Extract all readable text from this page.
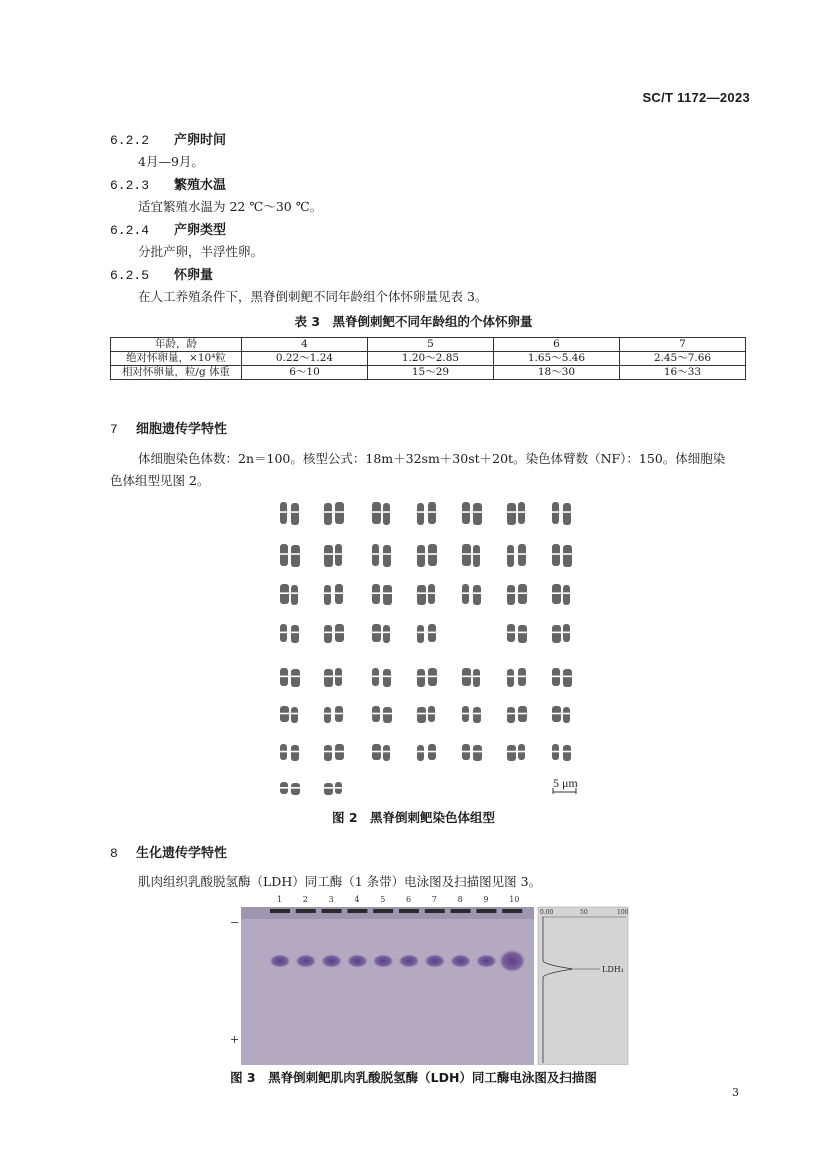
SC/T 1172—2023
6.2.2 产卵时间
4月—9月。
6.2.3 繁殖水温
适宜繁殖水温为 22 ℃～30 ℃。
6.2.4 产卵类型
分批产卵，半浮性卵。
6.2.5 怀卵量
在人工养殖条件下，黑脊倒刺鲃不同年龄组个体怀卵量见表 3。
表 3　黑脊倒刺鲃不同年龄组的个体怀卵量
年龄，龄	4	5	6	7
绝对怀卵量，×10⁴粒	0.22～1.24	1.20～2.85	1.65～5.46	2.45～7.66
相对怀卵量，粒/g 体重	6～10	15～29	18～30	16～33
7 细胞遗传学特性
体细胞染色体数：2n＝100。核型公式：18m＋32sm＋30st＋20t。染色体臂数（NF）：150。体细胞染
色体组型见图 2。
5 μm
图 2　黑脊倒刺鲃染色体组型
8 生化遗传学特性
肌肉组织乳酸脱氢酶（LDH）同工酶（1 条带）电泳图及扫描图见图 3。
1	2	3	4	5	6	7	8	9	10
−
+
0.00	50	100
LDH₁
图 3　黑脊倒刺鲃肌肉乳酸脱氢酶（LDH）同工酶电泳图及扫描图
3
